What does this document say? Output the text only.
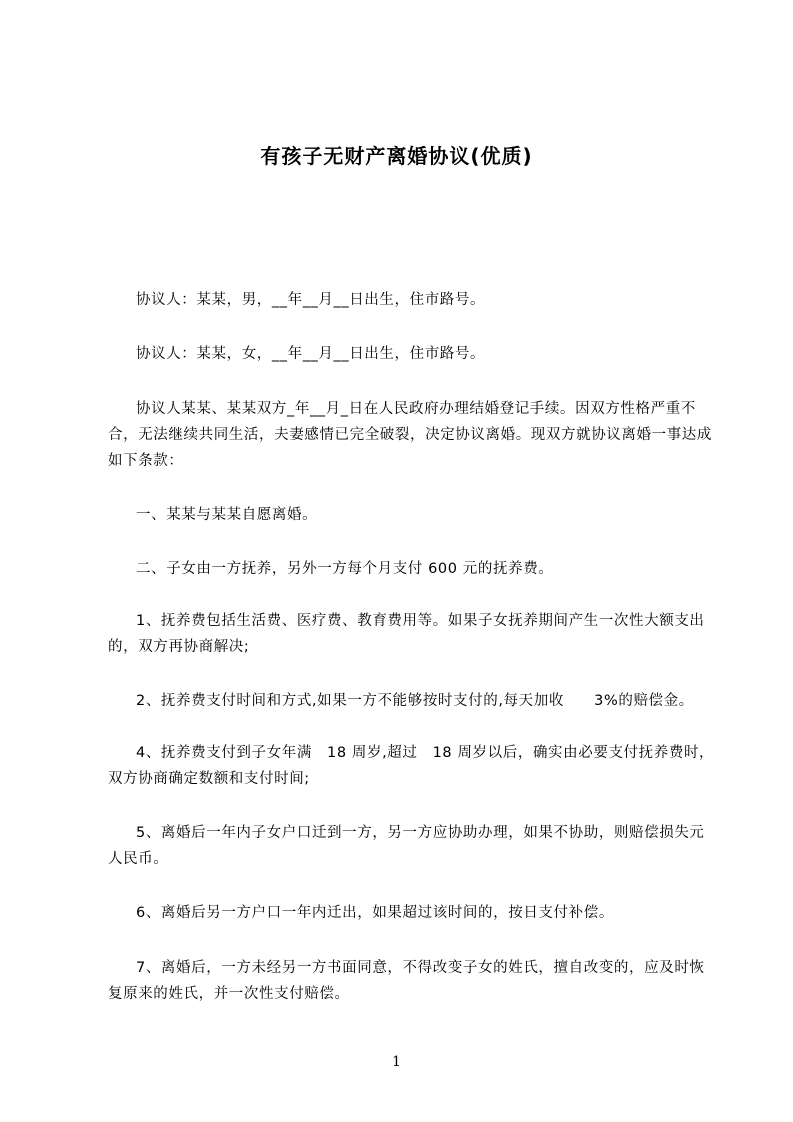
有孩子无财产离婚协议(优质)

协议人：某某，男，__年__月__日出生，住市路号。

协议人：某某，女，__年__月__日出生，住市路号。

协议人某某、某某双方_年__月_日在人民政府办理结婚登记手续。因双方性格严重不合，无法继续共同生活，夫妻感情已完全破裂，决定协议离婚。现双方就协议离婚一事达成如下条款：

一、某某与某某自愿离婚。

二、子女由一方抚养，另外一方每个月支付 600 元的抚养费。

1、抚养费包括生活费、医疗费、教育费用等。如果子女抚养期间产生一次性大额支出的，双方再协商解决;

2、抚养费支付时间和方式,如果一方不能够按时支付的,每天加收　　3%的赔偿金。

4、抚养费支付到子女年满　18 周岁,超过　18 周岁以后，确实由必要支付抚养费时，双方协商确定数额和支付时间;

5、离婚后一年内子女户口迁到一方，另一方应协助办理，如果不协助，则赔偿损失元人民币。

6、离婚后另一方户口一年内迁出，如果超过该时间的，按日支付补偿。

7、离婚后，一方未经另一方书面同意，不得改变子女的姓氏，擅自改变的，应及时恢复原来的姓氏，并一次性支付赔偿。

1
